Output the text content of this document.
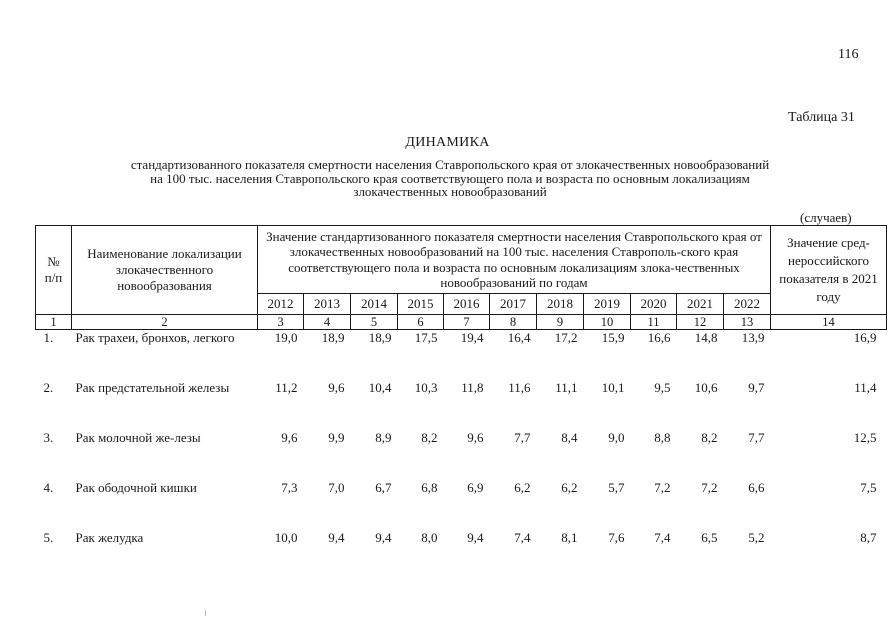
116
Таблица 31
ДИНАМИКА
стандартизованного показателя смертности населения Ставропольского края от злокачественных новообразований
на 100 тыс. населения Ставропольского края соответствующего пола и возраста по основным локализациям
злокачественных новообразований
(случаев)
№ п/п	Наименование локализации злокачественного новообразования	Значение стандартизованного показателя смертности населения Ставропольского края от злокачественных новообразований на 100 тыс. населения Ставрополь-ского края соответствующего пола и возраста по основным локализациям злока-чественных новообразований по годам											Значение сред-нероссийского показателя в 2021 году
		2012	2013	2014	2015	2016	2017	2018	2019	2020	2021	2022	
1	2	3	4	5	6	7	8	9	10	11	12	13	14
1.	Рак трахеи, бронхов, легкого	19,0	18,9	18,9	17,5	19,4	16,4	17,2	15,9	16,6	14,8	13,9	16,9
2.	Рак предстательной железы	11,2	9,6	10,4	10,3	11,8	11,6	11,1	10,1	9,5	10,6	9,7	11,4
3.	Рак молочной же-лезы	9,6	9,9	8,9	8,2	9,6	7,7	8,4	9,0	8,8	8,2	7,7	12,5
4.	Рак ободочной кишки	7,3	7,0	6,7	6,8	6,9	6,2	6,2	5,7	7,2	7,2	6,6	7,5
5.	Рак желудка	10,0	9,4	9,4	8,0	9,4	7,4	8,1	7,6	7,4	6,5	5,2	8,7
